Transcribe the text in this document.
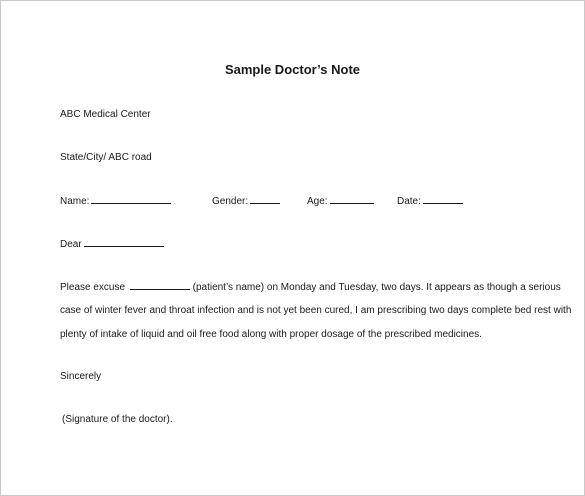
Sample Doctor’s Note
ABC Medical Center
State/City/ ABC road
Name:	Gender:	Age:	Date:
Dear
Please excuse	(patient’s name) on Monday and Tuesday, two days. It appears as though a serious
case of winter fever and throat infection and is not yet been cured, I am prescribing two days complete bed rest with
plenty of intake of liquid and oil free food along with proper dosage of the prescribed medicines.
Sincerely
(Signature of the doctor).
